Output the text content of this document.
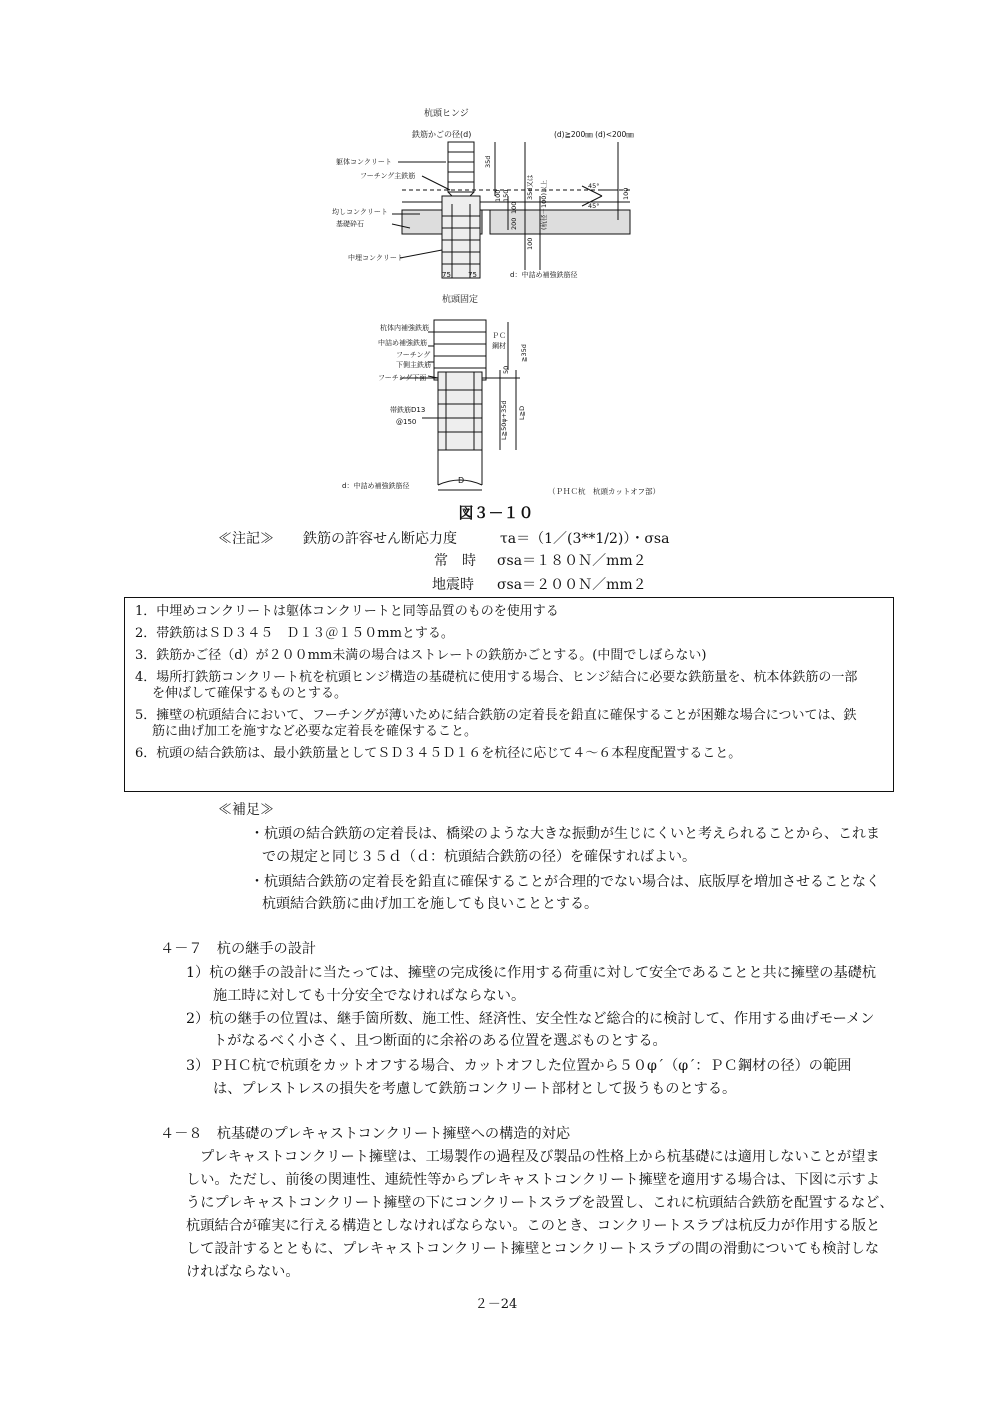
杭頭ヒンジ
鉄筋かごの径(d)	(d)≧200㎜ (d)<200㎜
躯体コンクリート
フーチング主鉄筋
均しコンクリート
基礎砕石
中埋コンクリート
35d
100 150
100
200
35d又は (杭径－100)以上
100
45°
45°
100
75 75	d：中詰め補強鉄筋径
杭頭固定
杭体内補強鉄筋
中詰め補強鉄筋
フーチング
下側主鉄筋
フーチング下面
帯鉄筋D13
@150
ＰＣ
鋼材 ≧35d
50
L≧50φ+35d L≧D
d：中詰め補強鉄筋径
D
（ＰＨＣ杭　杭頭カットオフ部）
図３－１０
≪注記≫ 鉄筋の許容せん断応力度	τa＝（1／(3**1/2)）・σsa
常　時 σsa＝１８０Ｎ／mm２
地震時 σsa＝２００Ｎ／mm２
1．中埋めコンクリートは躯体コンクリートと同等品質のものを使用する
2．帯鉄筋はＳＤ３４５　Ｄ１３＠１５０mmとする。
3．鉄筋かご径（d）が２００mm未満の場合はストレートの鉄筋かごとする。(中間でしぼらない)
4．場所打鉄筋コンクリート杭を杭頭ヒンジ構造の基礎杭に使用する場合、ヒンジ結合に必要な鉄筋量を、杭本体鉄筋の一部
を伸ばして確保するものとする。
5．擁壁の杭頭結合において、フーチングが薄いために結合鉄筋の定着長を鉛直に確保することが困難な場合については、鉄
筋に曲げ加工を施すなど必要な定着長を確保すること。
6．杭頭の結合鉄筋は、最小鉄筋量としてＳＤ３４５Ｄ１６を杭径に応じて４～６本程度配置すること。
≪補足≫
・杭頭の結合鉄筋の定着長は、橋梁のような大きな振動が生じにくいと考えられることから、これま
での規定と同じ３５ｄ（ｄ：杭頭結合鉄筋の径）を確保すればよい。
・杭頭結合鉄筋の定着長を鉛直に確保することが合理的でない場合は、底版厚を増加させることなく
杭頭結合鉄筋に曲げ加工を施しても良いこととする。
４－７　杭の継手の設計
1）杭の継手の設計に当たっては、擁壁の完成後に作用する荷重に対して安全であることと共に擁壁の基礎杭
施工時に対しても十分安全でなければならない。
2）杭の継手の位置は、継手箇所数、施工性、経済性、安全性など総合的に検討して、作用する曲げモーメン
トがなるべく小さく、且つ断面的に余裕のある位置を選ぶものとする。
3）ＰＨＣ杭で杭頭をカットオフする場合、カットオフした位置から５０φ´（φ´：ＰＣ鋼材の径）の範囲
は、プレストレスの損失を考慮して鉄筋コンクリート部材として扱うものとする。
４－８　杭基礎のプレキャストコンクリート擁壁への構造的対応
プレキャストコンクリート擁壁は、工場製作の過程及び製品の性格上から杭基礎には適用しないことが望ま
しい。ただし、前後の関連性、連続性等からプレキャストコンクリート擁壁を適用する場合は、下図に示すよ
うにプレキャストコンクリート擁壁の下にコンクリートスラブを設置し、これに杭頭結合鉄筋を配置するなど、
杭頭結合が確実に行える構造としなければならない。このとき、コンクリートスラブは杭反力が作用する版と
して設計するとともに、プレキャストコンクリート擁壁とコンクリートスラブの間の滑動についても検討しな
ければならない。
２－24
